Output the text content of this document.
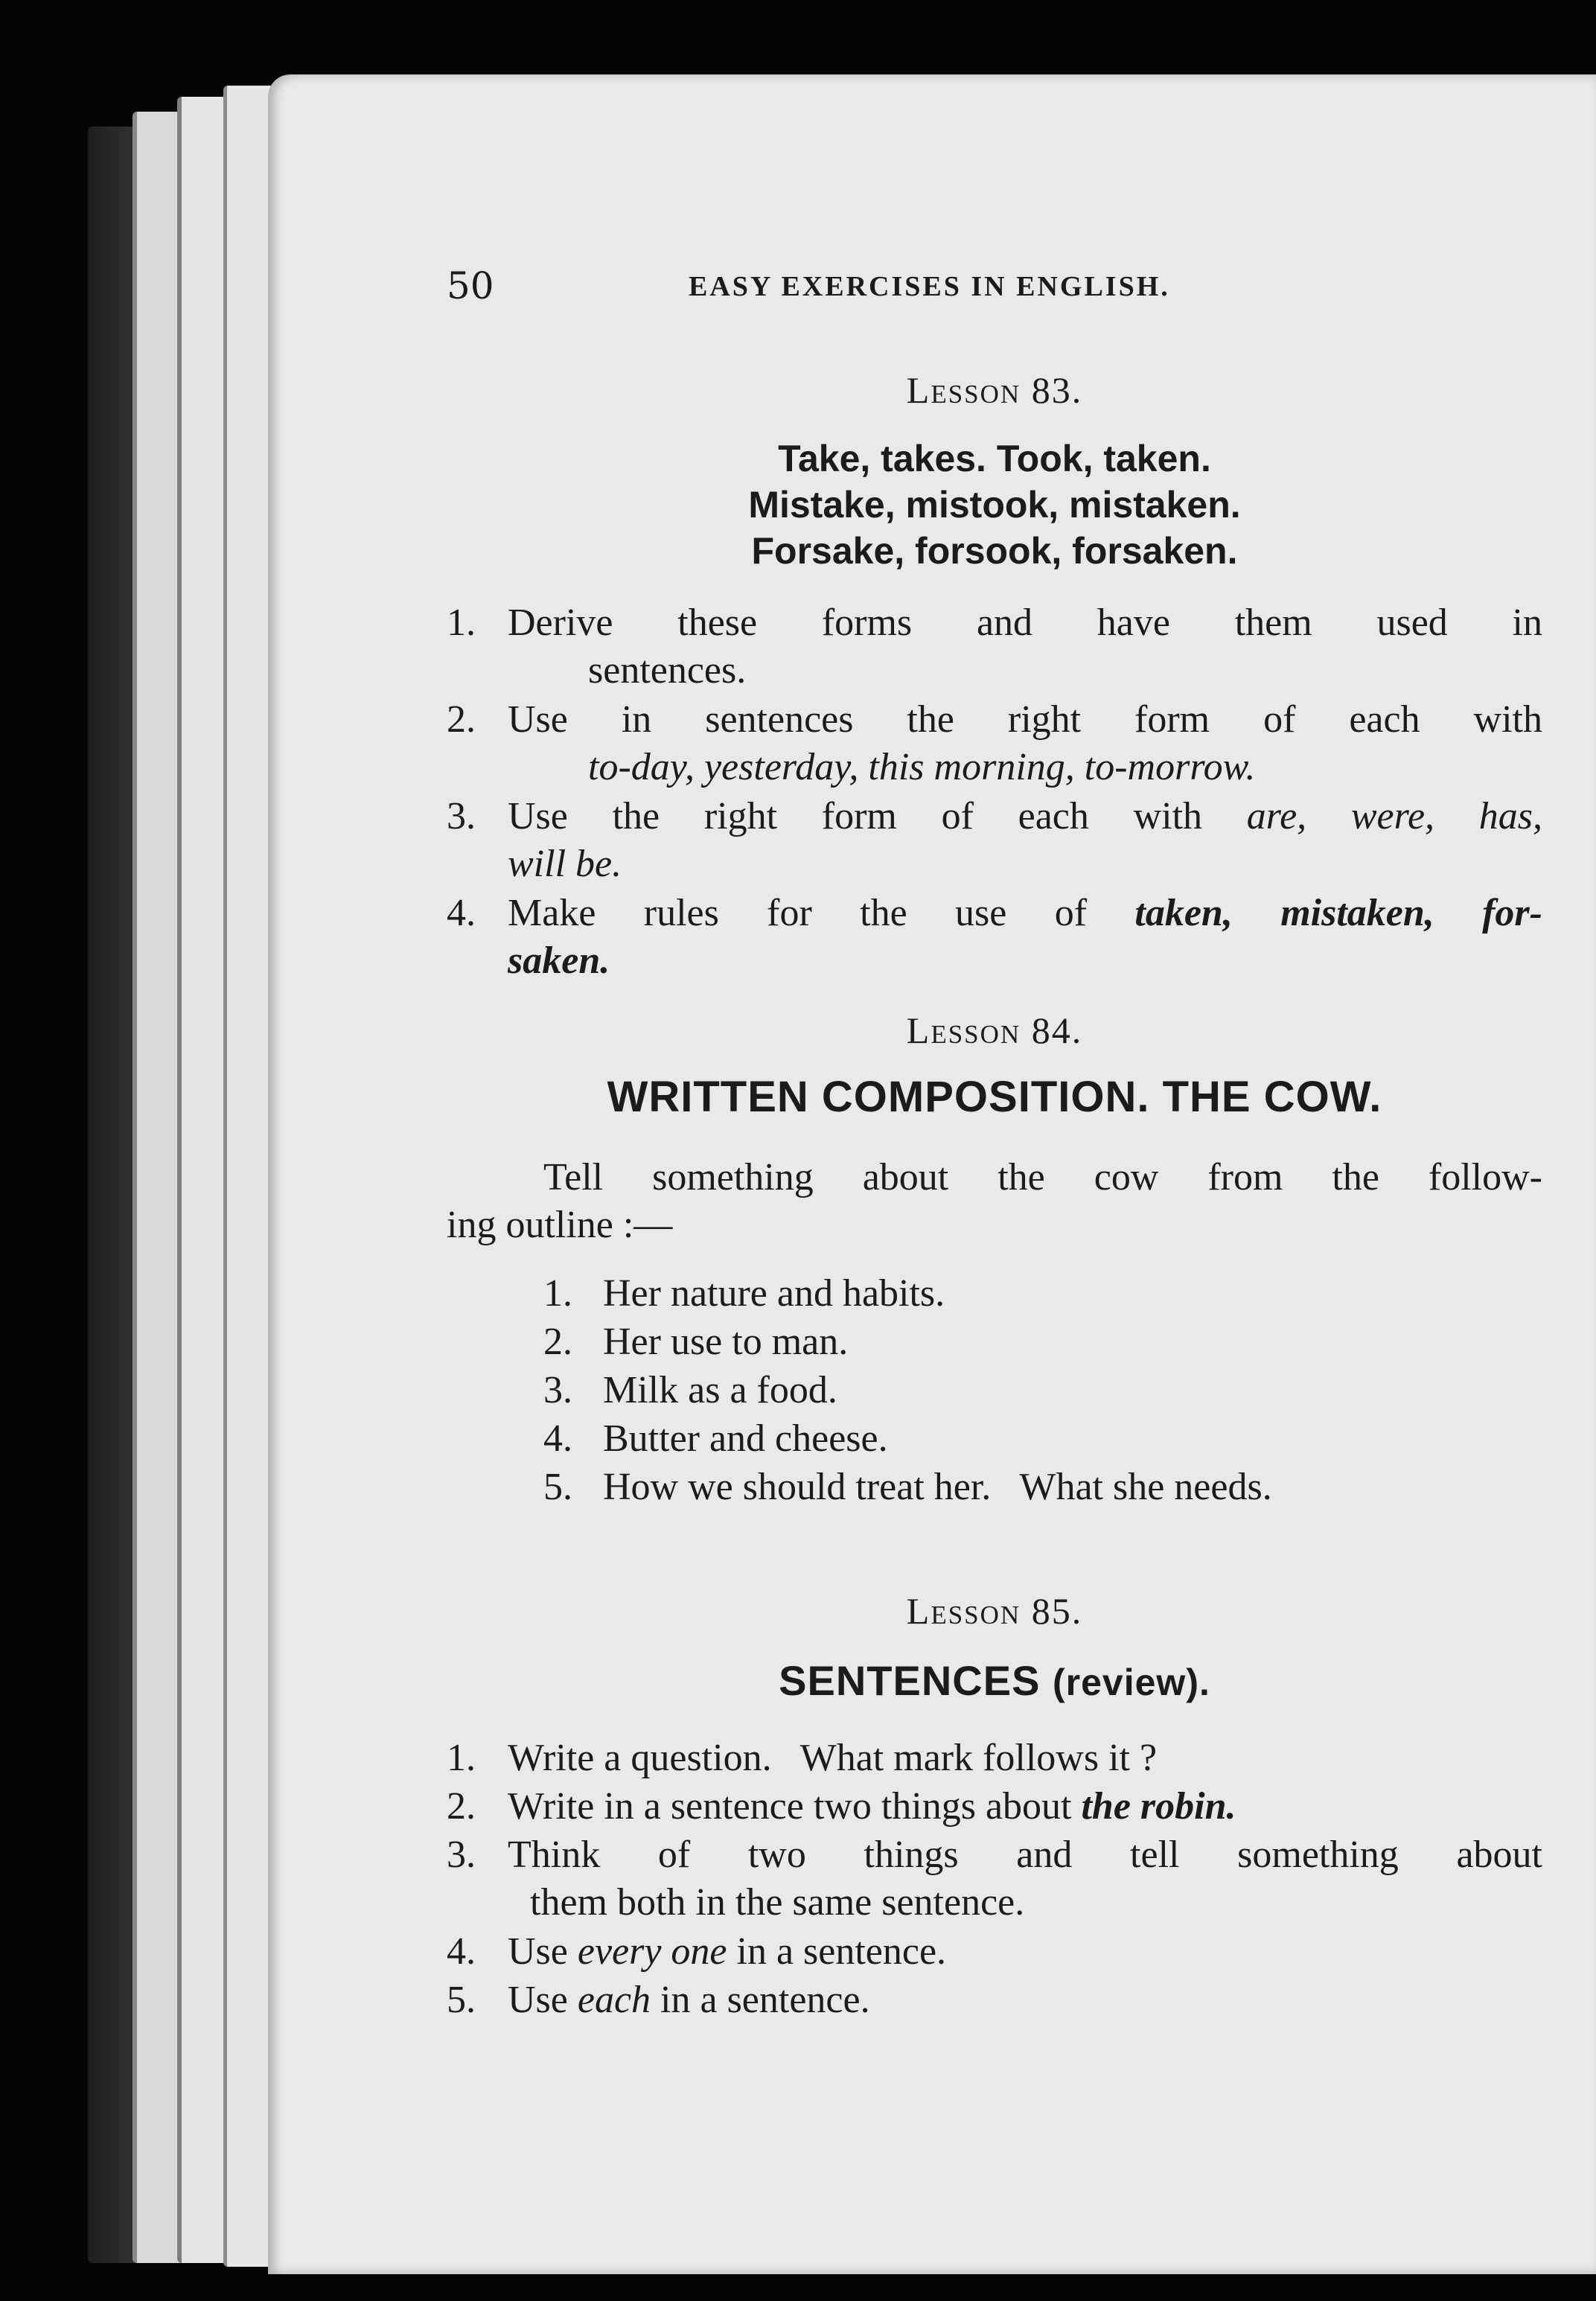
50	EASY EXERCISES IN ENGLISH.
Lesson 83.
Take, takes. Took, taken.
Mistake, mistook, mistaken.
Forsake, forsook, forsaken.
1. Derive these forms and have them used in
sentences.
2. Use in sentences the right form of each with
to-day, yesterday, this morning, to-morrow.
3. Use the right form of each with are, were, has,
will be.
4. Make rules for the use of taken, mistaken, for-
saken.
Lesson 84.
WRITTEN COMPOSITION. THE COW.
Tell something about the cow from the follow-
ing outline :—
1. Her nature and habits.
2. Her use to man.
3. Milk as a food.
4. Butter and cheese.
5. How we should treat her.   What she needs.
Lesson 85.
SENTENCES (review).
1. Write a question.   What mark follows it ?
2. Write in a sentence two things about the robin.
3. Think of two things and tell something about
them both in the same sentence.
4. Use every one in a sentence.
5. Use each in a sentence.
